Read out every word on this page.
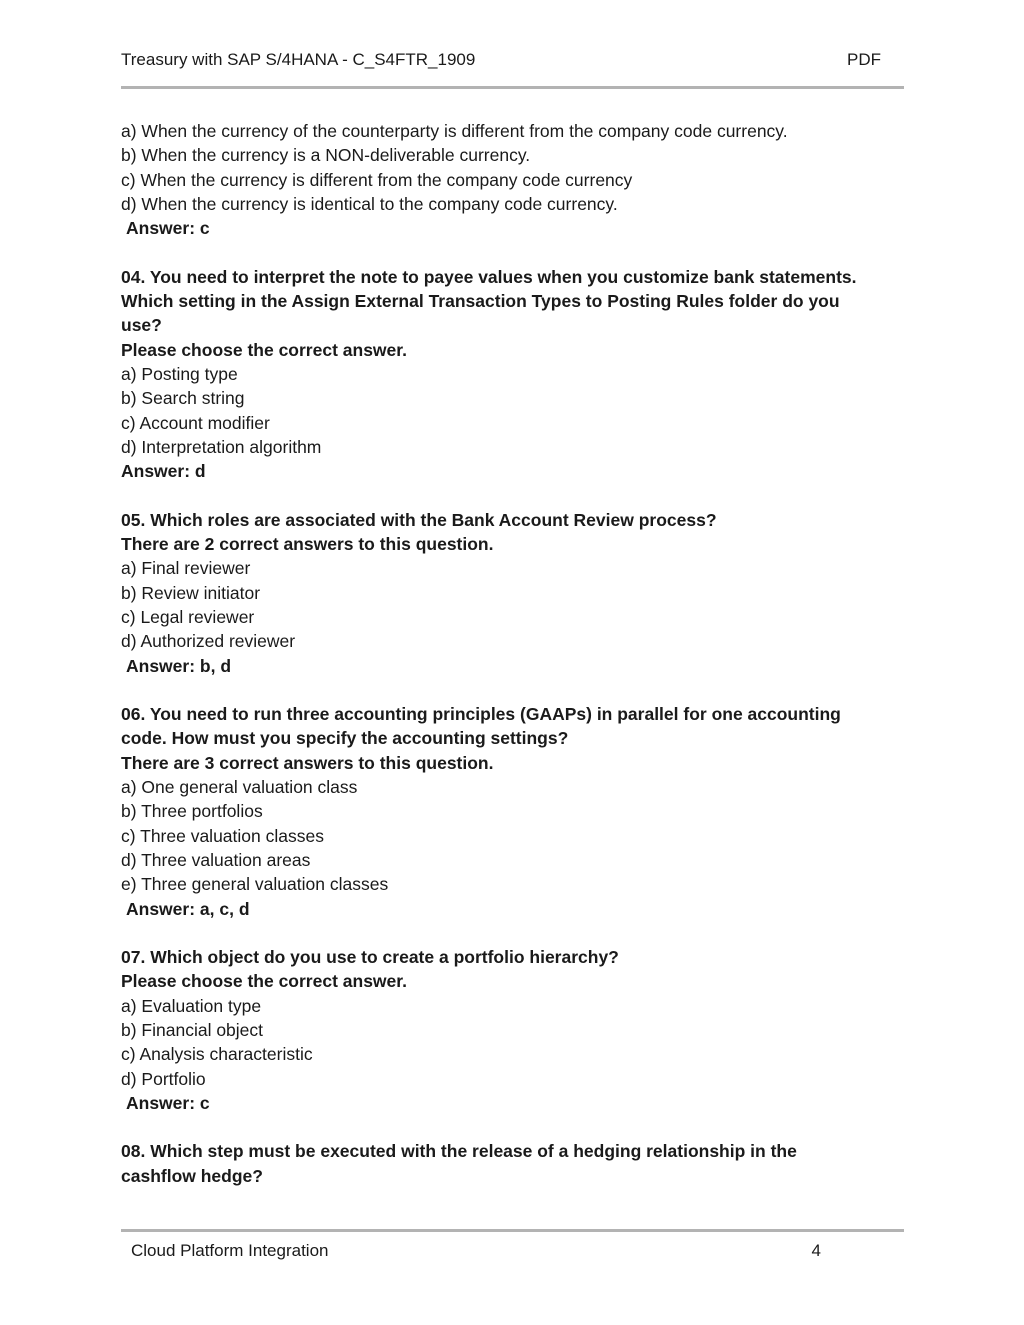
Treasury with SAP S/4HANA - C_S4FTR_1909	PDF
a) When the currency of the counterparty is different from the company code currency.
b) When the currency is a NON-deliverable currency.
c) When the currency is different from the company code currency
d) When the currency is identical to the company code currency.
Answer: c
04. You need to interpret the note to payee values when you customize bank statements.
Which setting in the Assign External Transaction Types to Posting Rules folder do you
use?
Please choose the correct answer.
a) Posting type
b) Search string
c) Account modifier
d) Interpretation algorithm
Answer: d
05. Which roles are associated with the Bank Account Review process?
There are 2 correct answers to this question.
a) Final reviewer
b) Review initiator
c) Legal reviewer
d) Authorized reviewer
Answer: b, d
06. You need to run three accounting principles (GAAPs) in parallel for one accounting
code. How must you specify the accounting settings?
There are 3 correct answers to this question.
a) One general valuation class
b) Three portfolios
c) Three valuation classes
d) Three valuation areas
e) Three general valuation classes
Answer: a, c, d
07. Which object do you use to create a portfolio hierarchy?
Please choose the correct answer.
a) Evaluation type
b) Financial object
c) Analysis characteristic
d) Portfolio
Answer: c
08. Which step must be executed with the release of a hedging relationship in the
cashflow hedge?
Cloud Platform Integration	4
